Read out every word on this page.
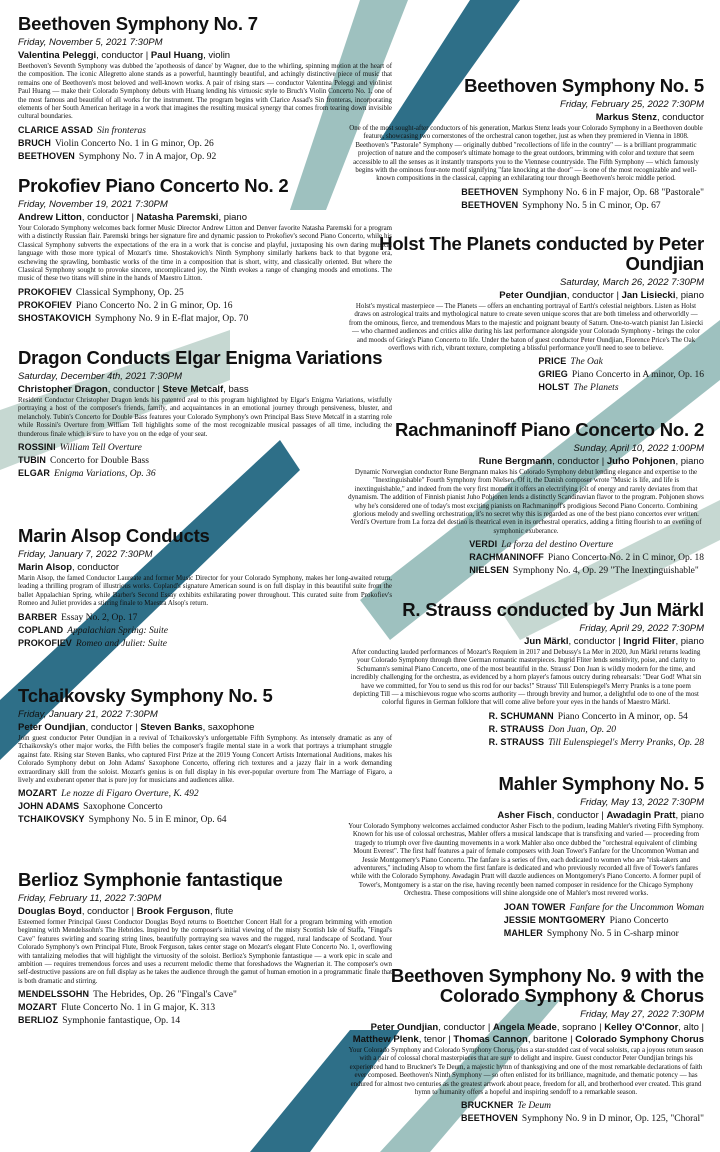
Beethoven Symphony No. 7
Friday, November 5, 2021 7:30PM
Valentina Peleggi, conductor | Paul Huang, violin
Beethoven's Seventh Symphony was dubbed the 'apotheosis of dance' by Wagner, due to the whirling, spinning motion at the heart of the composition. The iconic Allegretto alone stands as a powerful, hauntingly beautiful, and achingly distinctive piece of music that remains one of Beethoven's most beloved and well-known works. A pair of rising stars — conductor Valentina Peleggi and violinist Paul Huang — make their Colorado Symphony debuts with Huang lending his virtuosic style to Bruch's Violin Concerto No. 1, one of the most famous and beautiful of all works for the instrument. The program begins with Clarice Assad's Sin fronteras, incorporating elements of her South American heritage in a work that imagines the resulting musical synergy that comes from tearing down invisible cultural boundaries.
CLARICE ASSAD Sin fronteras
BRUCH Violin Concerto No. 1 in G minor, Op. 26
BEETHOVEN Symphony No. 7 in A major, Op. 92
Prokofiev Piano Concerto No. 2
Friday, November 19, 2021 7:30PM
Andrew Litton, conductor | Natasha Paremski, piano
Your Colorado Symphony welcomes back former Music Director Andrew Litton and Denver favorite Natasha Paremski for a program with a distinctly Russian flair. Paremski brings her signature fire and dynamic passion to Prokofiev's second Piano Concerto, while his Classical Symphony subverts the expectations of the era in a work that is concise and playful, juxtaposing his own daring musical language with those more typical of Mozart's time. Shostakovich's Ninth Symphony similarly harkens back to that bygone era, eschewing the sprawling, bombastic works of the time in a composition that is short, witty, and classically oriented. But where the Classical Symphony sought to provoke sincere, uncomplicated joy, the Ninth evokes a range of changing moods and emotions. The music of these two titans will shine in the hands of Maestro Litton.
PROKOFIEV Classical Symphony, Op. 25
PROKOFIEV Piano Concerto No. 2 in G minor, Op. 16
SHOSTAKOVICH Symphony No. 9 in E-flat major, Op. 70
Dragon Conducts Elgar Enigma Variations
Saturday, December 4th, 2021 7:30PM
Christopher Dragon, conductor | Steve Metcalf, bass
Resident Conductor Christopher Dragon lends his patented zeal to this program highlighted by Elgar's Enigma Variations, wistfully portraying a host of the composer's friends, family, and acquaintances in an emotional journey through pensiveness, bluster, and melancholy. Tubin's Concerto for Double Bass features your Colorado Symphony's own Principal Bass Steve Metcalf in a starring role while Rossini's Overture from William Tell highlights some of the most recognizable musical passages of all time, including the thunderous finale which is sure to have you on the edge of your seat.
ROSSINI William Tell Overture
TUBIN Concerto for Double Bass
ELGAR Enigma Variations, Op. 36
Marin Alsop Conducts
Friday, January 7, 2022 7:30PM
Marin Alsop, conductor
Marin Alsop, the famed Conductor Laureate and former Music Director for your Colorado Symphony, makes her long-awaited return, leading a thrilling program of illustrious works. Copland's signature American sound is on full display in this beautiful suite from the ballet Appalachian Spring, while Barber's Second Essay exhibits exhilarating power throughout. This curated suite from Prokofiev's Romeo and Juliet provides a stirring finale to Maestra Alsop's return.
BARBER Essay No. 2, Op. 17
COPLAND Appalachian Spring: Suite
PROKOFIEV Romeo and Juliet: Suite
Tchaikovsky Symphony No. 5
Friday, January 21, 2022 7:30PM
Peter Oundjian, conductor | Steven Banks, saxophone
Join guest conductor Peter Oundjian in a revival of Tchaikovsky's unforgettable Fifth Symphony. As intensely dramatic as any of Tchaikovsky's other major works, the Fifth belies the composer's fragile mental state in a work that portrays a triumphant struggle against fate. Rising star Steven Banks, who captured First Prize at the 2019 Young Concert Artists International Auditions, makes his Colorado Symphony debut on John Adams' Saxophone Concerto, offering rich textures and a jazzy flair in a work demanding extraordinary skill from the soloist. Mozart's genius is on full display in his ever-popular overture from The Marriage of Figaro, a lively and exuberant opener that is pure joy for musicians and audiences alike.
MOZART Le nozze di Figaro Overture, K. 492
JOHN ADAMS Saxophone Concerto
TCHAIKOVSKY Symphony No. 5 in E minor, Op. 64
Berlioz Symphonie fantastique
Friday, February 11, 2022 7:30PM
Douglas Boyd, conductor | Brook Ferguson, flute
Esteemed former Principal Guest Conductor Douglas Boyd returns to Boettcher Concert Hall for a program brimming with emotion beginning with Mendelssohn's The Hebrides. Inspired by the composer's initial viewing of the misty Scottish Isle of Staffa, "Fingal's Cave" features swirling and soaring string lines, beautifully portraying sea waves and the rugged, rural landscape of Scotland. Your Colorado Symphony's own Principal Flute, Brook Ferguson, takes center stage on Mozart's elegant Flute Concerto No. 1, overflowing with tantalizing melodies that will highlight the virtuosity of the soloist. Berlioz's Symphonie fantastique — a work epic in scale and ambition — requires tremendous forces and uses a recurrent melodic theme that foreshadows the Wagnerian it. The composer's own self-destructive passions are on full display as he takes the audience through the gamut of human emotion in a programmatic finale that is both dramatic and stirring.
MENDELSSOHN The Hebrides, Op. 26 "Fingal's Cave"
MOZART Flute Concerto No. 1 in G major, K. 313
BERLIOZ Symphonie fantastique, Op. 14
Beethoven Symphony No. 5
Friday, February 25, 2022 7:30PM
Markus Stenz, conductor
One of the most sought-after conductors of his generation, Markus Stenz leads your Colorado Symphony in a Beethoven double feature, showcasing two cornerstones of the orchestral canon together, just as when they premiered in Vienna in 1808. Beethoven's "Pastorale" Symphony — originally dubbed "recollections of life in the country" — is a brilliant programmatic projection of nature and the composer's ultimate homage to the great outdoors, brimming with color and texture that seem accessible to all the senses as it instantly transports you to the Viennese countryside. The Fifth Symphony — which famously begins with the ominous four-note motif signifying "fate knocking at the door" — is one of the most recognizable and well-known compositions in the classical, capping an exhilarating tour through Beethoven's heroic middle period.
BEETHOVEN Symphony No. 6 in F major, Op. 68 "Pastorale"
BEETHOVEN Symphony No. 5 in C minor, Op. 67
Holst The Planets conducted by Peter Oundjian
Saturday, March 26, 2022 7:30PM
Peter Oundjian, conductor | Jan Lisiecki, piano
Holst's mystical masterpiece — The Planets — offers an enchanting portrayal of Earth's celestial neighbors. Listen as Holst draws on astrological traits and mythological nature to create seven unique scores that are both timeless and otherworldly — from the ominous, fierce, and tremendous Mars to the majestic and poignant beauty of Saturn. One-to-watch pianist Jan Lisiecki — who charmed audiences and critics alike during his last performance alongside your Colorado Symphony - brings the color and moods of Grieg's Piano Concerto to life. Under the baton of guest conductor Peter Oundjian, Florence Price's The Oak overflows with rich, vibrant texture, completing a blissful performance you'll need to see to believe.
PRICE The Oak
GRIEG Piano Concerto in A minor, Op. 16
HOLST The Planets
Rachmaninoff Piano Concerto No. 2
Sunday, April 10, 2022 1:00PM
Rune Bergmann, conductor | Juho Pohjonen, piano
Dynamic Norwegian conductor Rune Bergmann makes his Colorado Symphony debut lending elegance and expertise to the "Inextinguishable" Fourth Symphony from Nielsen. Of it, the Danish composer wrote "Music is life, and life is inextinguishable," and indeed from the very first moment it offers an electrifying jolt of energy and rarely deviates from that dynamism. The addition of Finnish pianist Juho Pohjonen lends a distinctly Scandinavian flavor to the program. Pohjonen shows why he's considered one of today's most exciting pianists on Rachmaninoff's prodigious Second Piano Concerto. Combining glorious melody and swelling orchestration, it's no secret why this is regarded as one of the best piano concertos ever written. Verdi's Overture from La forza del destino is theatrical even in its orchestral operatics, adding a fitting flourish to an evening of symphonic exuberance.
VERDI La forza del destino Overture
RACHMANINOFF Piano Concerto No. 2 in C minor, Op. 18
NIELSEN Symphony No. 4, Op. 29 "The Inextinguishable"
R. Strauss conducted by Jun Märkl
Friday, April 29, 2022 7:30PM
Jun Märkl, conductor | Ingrid Fliter, piano
After conducting lauded performances of Mozart's Requiem in 2017 and Debussy's La Mer in 2020, Jun Märkl returns leading your Colorado Symphony through three German romantic masterpieces. Ingrid Fliter lends sensitivity, poise, and clarity to Schumann's seminal Piano Concerto, one of the most beautiful in the. Strauss' Don Juan is wildly modern for the time, and incredibly challenging for the orchestra, as evidenced by a horn player's famous outcry during rehearsals: "Dear God! What sin have we committed, for You to send us this rod for our backs!" Strauss' Till Eulenspiegel's Merry Pranks is a tone poem depicting Till — a mischievous rogue who scorns authority — through brevity and humor, a delightful ode to one of the most colorful figures in German folklore that will come alive before your eyes in the hands of Maestro Märkl.
R. SCHUMANN Piano Concerto in A minor, op. 54
R. STRAUSS Don Juan, Op. 20
R. STRAUSS Till Eulenspiegel's Merry Pranks, Op. 28
Mahler Symphony No. 5
Friday, May 13, 2022 7:30PM
Asher Fisch, conductor | Awadagin Pratt, piano
Your Colorado Symphony welcomes acclaimed conductor Asher Fisch to the podium, leading Mahler's riveting Fifth Symphony. Known for his use of colossal orchestras, Mahler offers a musical landscape that is transfixing and varied — proceeding from tragedy to triumph over five daunting movements in a work Mahler also once dubbed the "orchestral equivalent of climbing Mount Everest". The first half features a pair of female composers with Joan Tower's Fanfare for the Uncommon Woman and Jessie Montgomery's Piano Concerto. The fanfare is a series of five, each dedicated to women who are "risk-takers and adventurers," including Alsop to whom the first fanfare is dedicated and who previously recorded all five of Tower's fanfares while with the Colorado Symphony. Awadagin Pratt will dazzle audiences on Montgomery's Piano Concerto. A former pupil of Tower's, Montgomery is a star on the rise, having recently been named composer in residence for the Chicago Symphony Orchestra. These compositions will shine alongside one of Mahler's most revered works.
JOAN TOWER Fanfare for the Uncommon Woman
JESSIE MONTGOMERY Piano Concerto
MAHLER Symphony No. 5 in C-sharp minor
Beethoven Symphony No. 9 with the Colorado Symphony & Chorus
Friday, May 27, 2022 7:30PM
Peter Oundjian, conductor | Angela Meade, soprano | Kelley O'Connor, alto | Matthew Plenk, tenor | Thomas Cannon, baritone | Colorado Symphony Chorus
Your Colorado Symphony and Colorado Symphony Chorus, plus a star-studded cast of vocal soloists, cap a joyous return season with a pair of colossal choral masterpieces that are sure to delight and inspire. Guest conductor Peter Oundjian brings his experienced hand to Bruckner's Te Deum, a majestic hymn of thanksgiving and one of the most remarkable declarations of faith ever composed. Beethoven's Ninth Symphony — so often enlisted for its brilliance, magnitude, and thematic potency — has endured for almost two centuries as the greatest artwork about peace, freedom for all, and brotherhood ever created. This grand hymn to humanity offers a hopeful and inspiring sendoff to a remarkable season.
BRUCKNER Te Deum
BEETHOVEN Symphony No. 9 in D minor, Op. 125, "Choral"
